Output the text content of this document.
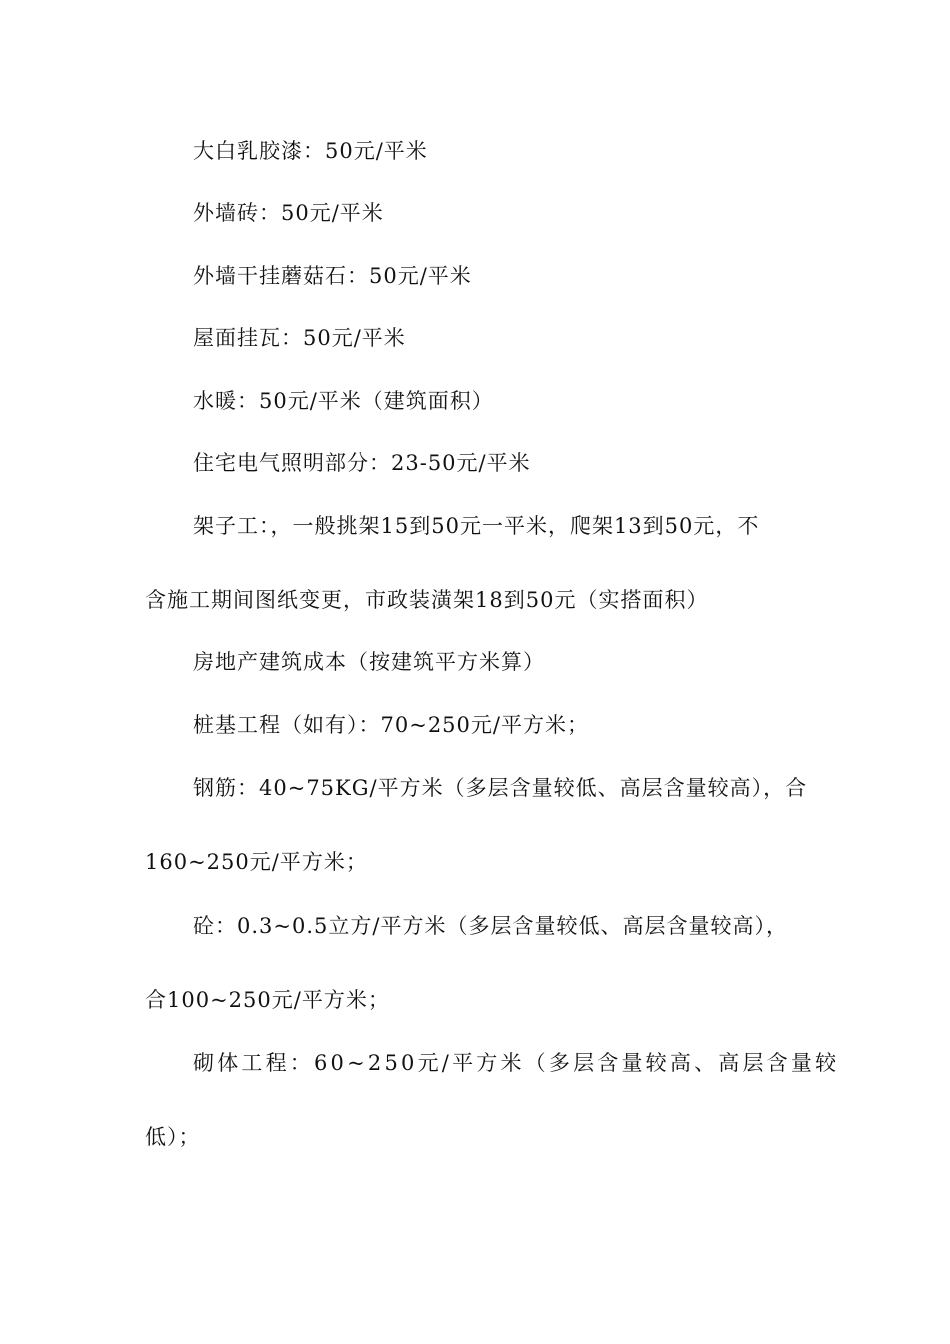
大白乳胶漆：50元/平米
外墙砖：50元/平米
外墙干挂蘑菇石：50元/平米
屋面挂瓦：50元/平米
水暖：50元/平米（建筑面积）
住宅电气照明部分：23-50元/平米
架子工：，一般挑架15到50元一平米，爬架13到50元，不
含施工期间图纸变更，市政装潢架18到50元（实搭面积）
房地产建筑成本（按建筑平方米算）
桩基工程（如有）：70~250元/平方米；
钢筋：40~75KG/平方米（多层含量较低、高层含量较高），合
160~250元/平方米；
砼：0.3~0.5立方/平方米（多层含量较低、高层含量较高），
合100~250元/平方米；
砌体工程：60~250元/平方米（多层含量较高、高层含量较
低）；
